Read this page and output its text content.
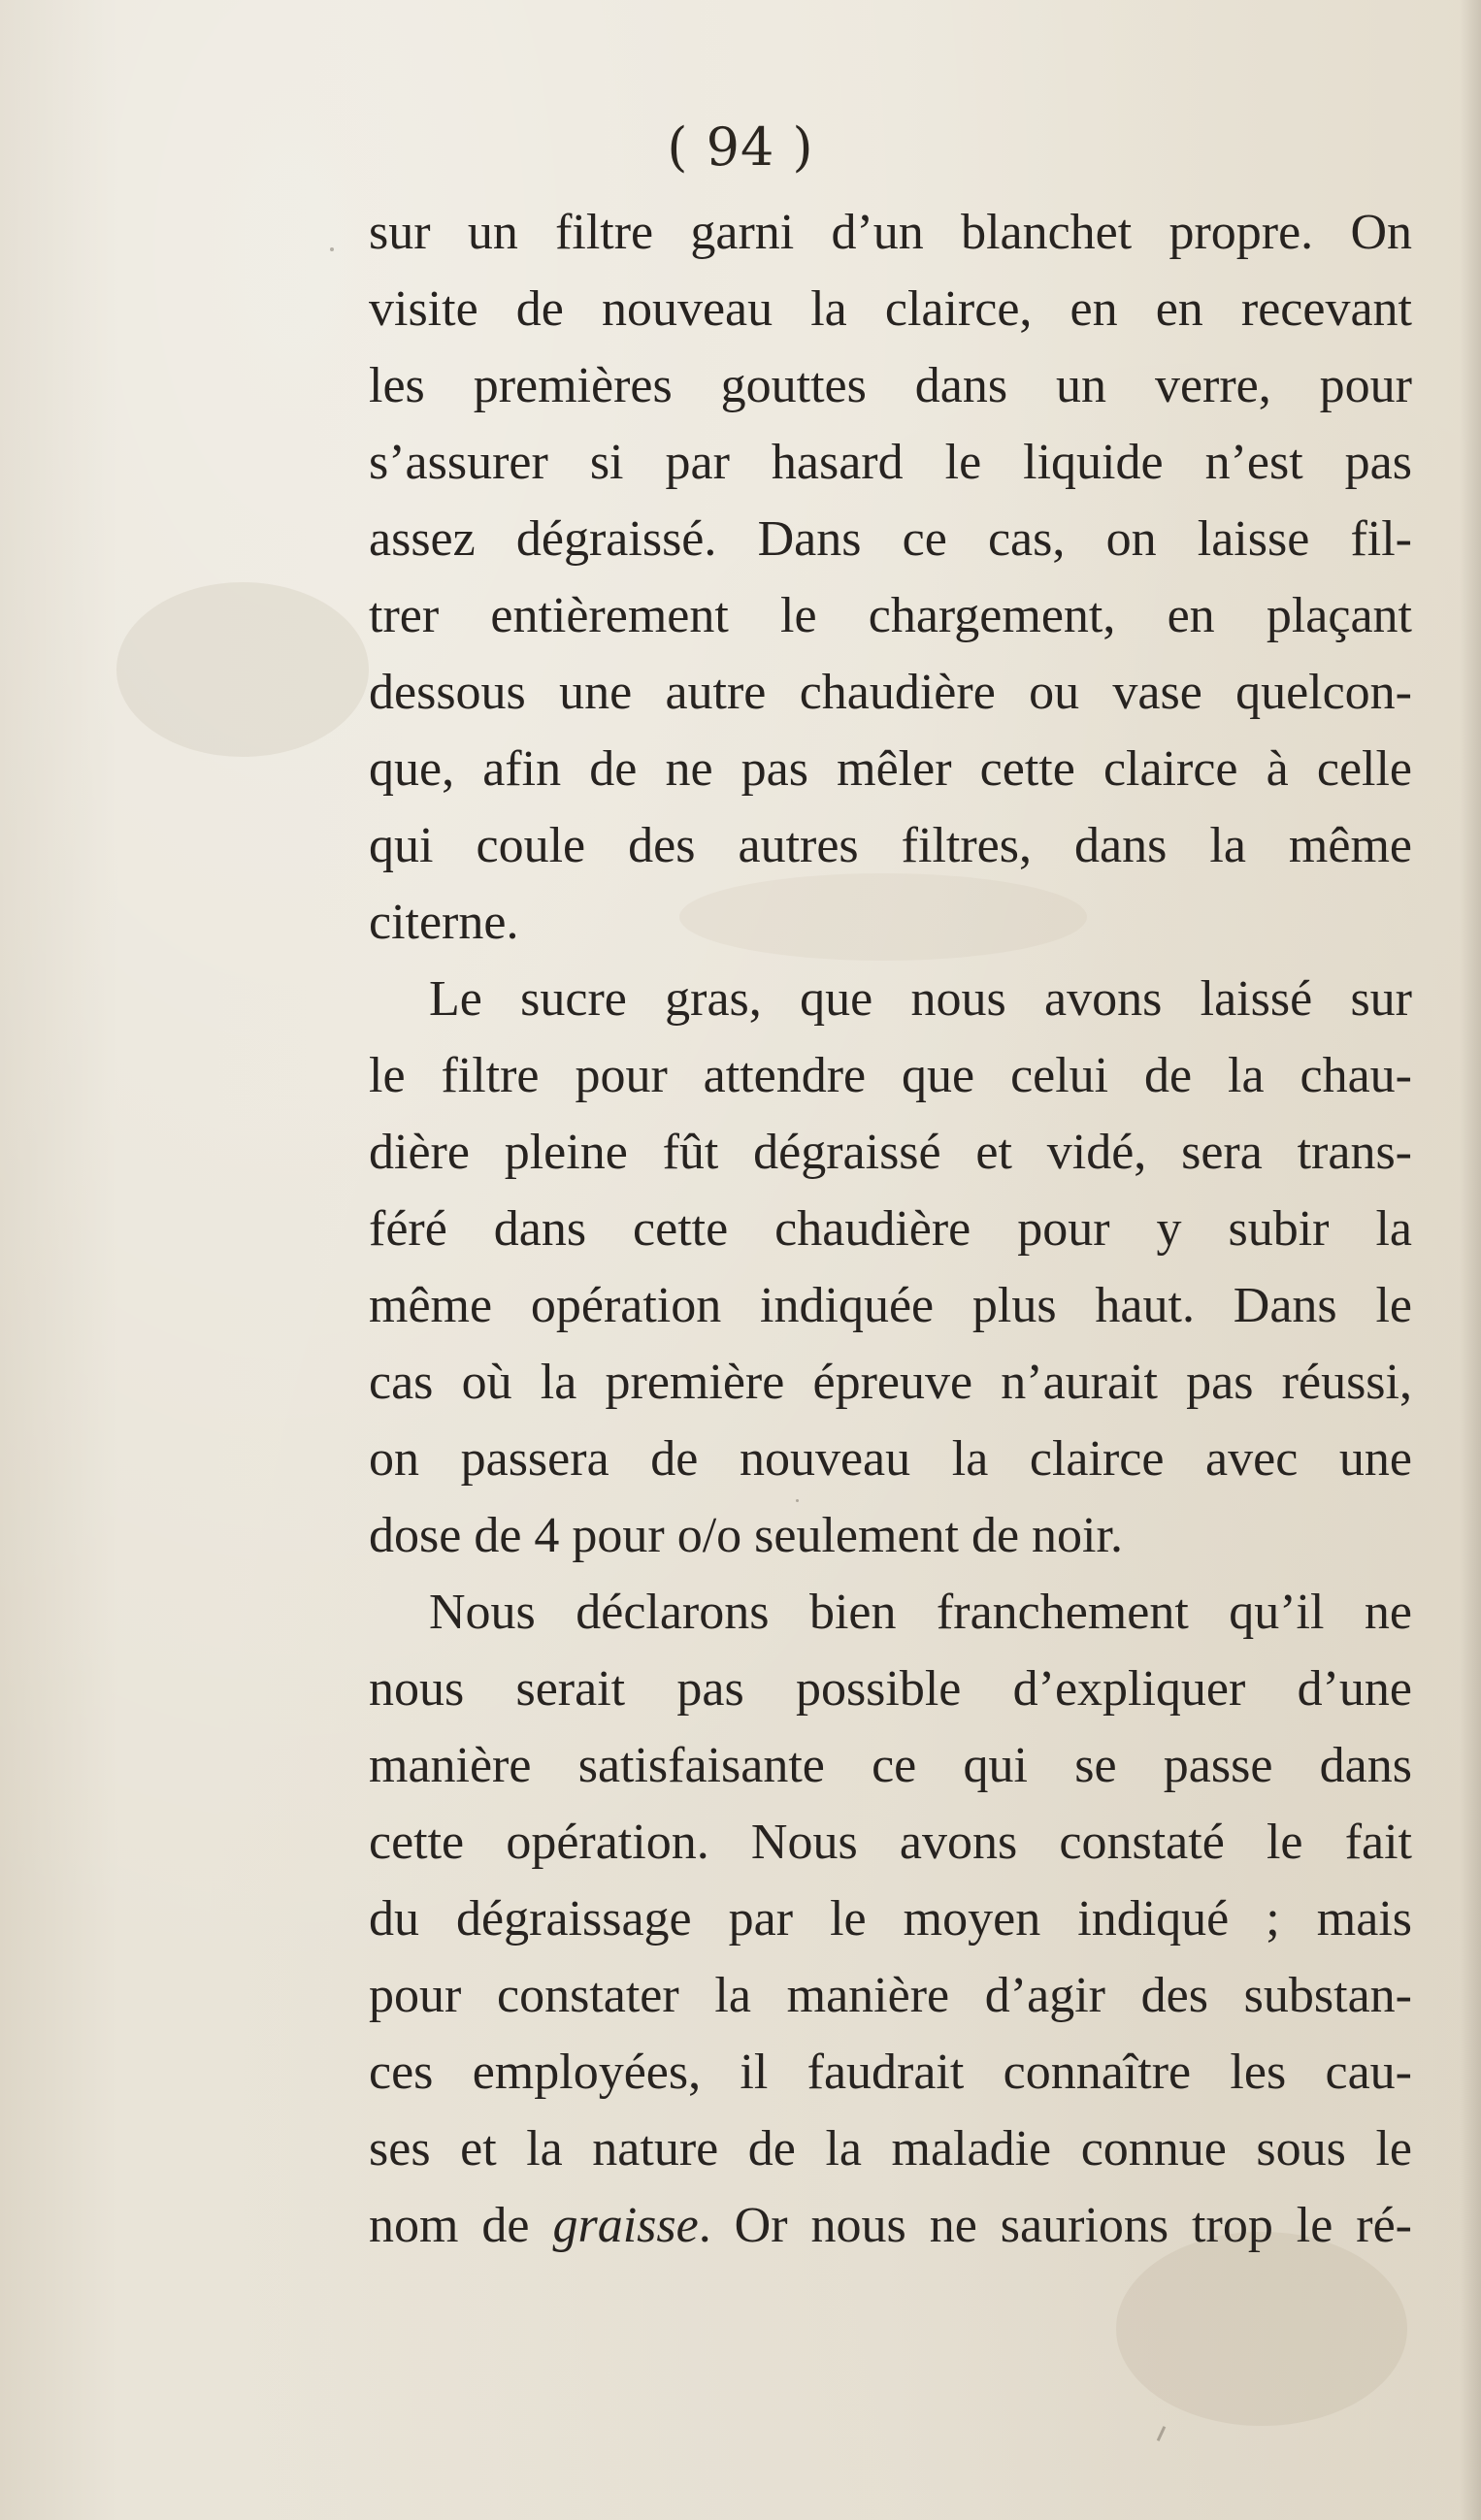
( 94 )
sur un filtre garni d’un blanchet propre. On
visite de nouveau la clairce, en en recevant
les premières gouttes dans un verre, pour
s’assurer si par hasard le liquide n’est pas
assez dégraissé. Dans ce cas, on laisse fil-
trer entièrement le chargement, en plaçant
dessous une autre chaudière ou vase quelcon-
que, afin de ne pas mêler cette clairce à celle
qui coule des autres filtres, dans la même
citerne.
Le sucre gras, que nous avons laissé sur
le filtre pour attendre que celui de la chau-
dière pleine fût dégraissé et vidé, sera trans-
féré dans cette chaudière pour y subir la
même opération indiquée plus haut. Dans le
cas où la première épreuve n’aurait pas réussi,
on passera de nouveau la clairce avec une
dose de 4 pour o/o seulement de noir.
Nous déclarons bien franchement qu’il ne
nous serait pas possible d’expliquer d’une
manière satisfaisante ce qui se passe dans
cette opération. Nous avons constaté le fait
du dégraissage par le moyen indiqué ; mais
pour constater la manière d’agir des substan-
ces employées, il faudrait connaître les cau-
ses et la nature de la maladie connue sous le
nom de graisse. Or nous ne saurions trop le ré-
